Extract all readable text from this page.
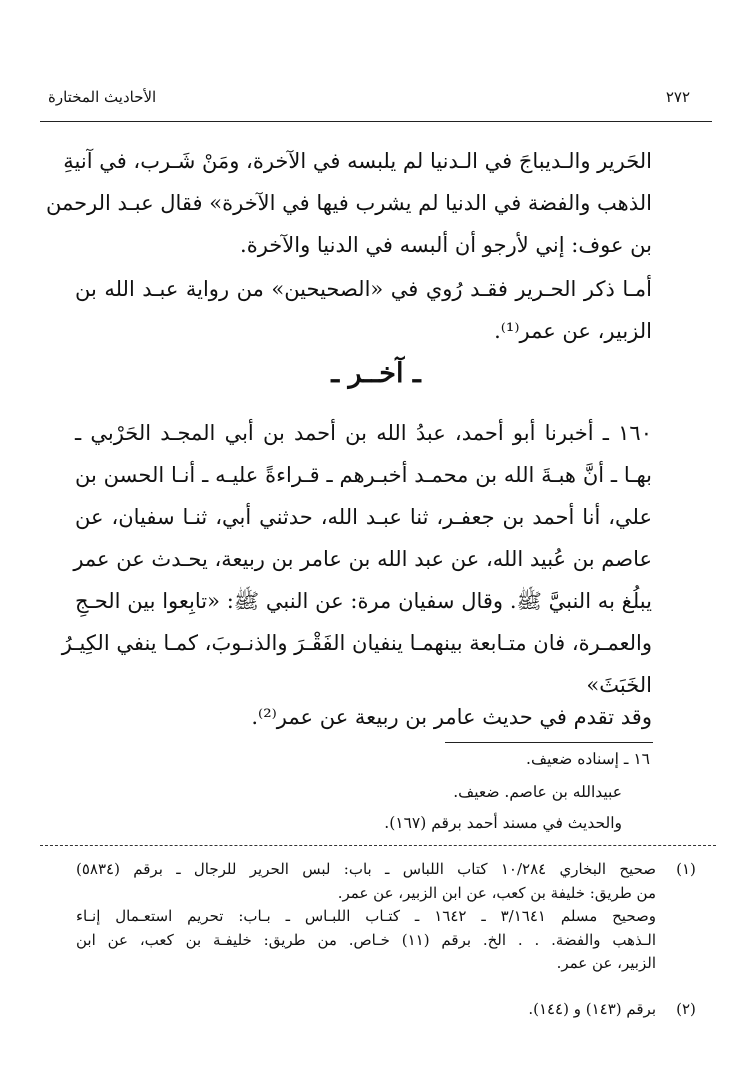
٢٧٢
الأحاديث المختارة
الحَرير والـديباجَ في الـدنيا لم يلبسه في الآخرة، ومَنْ شَـرب، في آنيةِ
الذهب والفضة في الدنيا لم يشرب فيها في الآخرة» فقال عبـد الرحمن
بن عوف: إني لأرجو أن ألبسه في الدنيا والآخرة.
أمـا ذكر الحـرير فقـد رُوي في «الصحيحين» من رواية عبـد الله بن
الزبير، عن عمر⁽¹⁾.
ـ آخــر ـ
١٦٠ ـ أخبرنا أبو أحمد، عبدُ الله بن أحمد بن أبي المجـد الحَرْبي ـ
بهـا ـ أنَّ هبـةَ الله بن محمـد أخبـرهم ـ قـراءةً عليـه ـ أنـا الحسن بن
علي، أنا أحمد بن جعفـر، ثنا عبـد الله، حدثني أبي، ثنـا سفيان، عن
عاصم بن عُبيد الله، عن عبد الله بن عامر بن ربيعة، يحـدث عن عمر
يبلُغ به النبيَّ ﷺ. وقال سفيان مرة: عن النبي ﷺ: «تابِعوا بين الحـجِ
والعمـرة، فان متـابعة بينهمـا ينفيان الفَقْـرَ والذنـوبَ، كمـا ينفي الكِيـرُ
الخَبَثَ»
وقد تقدم في حديث عامر بن ربيعة عن عمر⁽²⁾.
١٦ ـ إسناده ضعيف.
عبيدالله بن عاصم. ضعيف.
والحديث في مسند أحمد برقم (١٦٧).
(١)
صحيح البخاري ١٠/٢٨٤ كتاب اللباس ـ باب: لبس الحرير للرجال ـ برقم (٥٨٣٤)
من طريق: خليفة بن كعب، عن ابن الزبير، عن عمر.
وصحيح مسلم ٣/١٦٤١ ـ ١٦٤٢ ـ كتـاب اللبـاس ـ بـاب: تحريم استعـمال إنـاء
الـذهب والفضة. . . الخ. برقم (١١) خـاص. من طريق: خليفـة بن كعب، عن ابن
الزبير، عن عمر.
(٢)
برقم (١٤٣) و (١٤٤).
